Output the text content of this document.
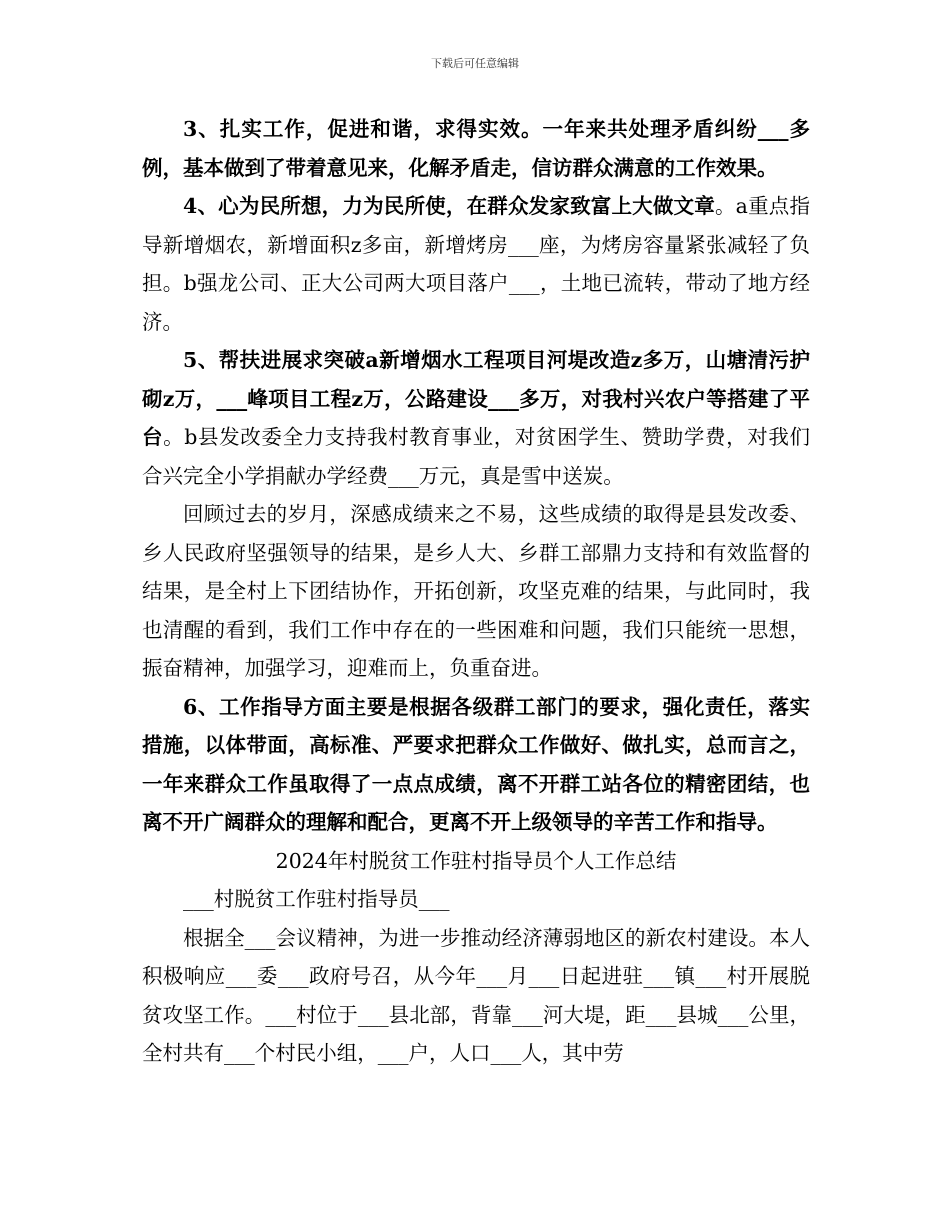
下载后可任意编辑

3、扎实工作，促进和谐，求得实效。一年来共处理矛盾纠纷___多例，基本做到了带着意见来，化解矛盾走，信访群众满意的工作效果。

4、心为民所想，力为民所使，在群众发家致富上大做文章。a重点指导新增烟农，新增面积z多亩，新增烤房___座，为烤房容量紧张减轻了负担。b强龙公司、正大公司两大项目落户___，土地已流转，带动了地方经济。

5、帮扶进展求突破a新增烟水工程项目河堤改造z多万，山塘清污护砌z万，___峰项目工程z万，公路建设___多万，对我村兴农户等搭建了平台。b县发改委全力支持我村教育事业，对贫困学生、赞助学费，对我们合兴完全小学捐献办学经费___万元，真是雪中送炭。

回顾过去的岁月，深感成绩来之不易，这些成绩的取得是县发改委、乡人民政府坚强领导的结果，是乡人大、乡群工部鼎力支持和有效监督的结果，是全村上下团结协作，开拓创新，攻坚克难的结果，与此同时，我也清醒的看到，我们工作中存在的一些困难和问题，我们只能统一思想，振奋精神，加强学习，迎难而上，负重奋进。

6、工作指导方面主要是根据各级群工部门的要求，强化责任，落实措施，以体带面，高标准、严要求把群众工作做好、做扎实，总而言之，一年来群众工作虽取得了一点点成绩，离不开群工站各位的精密团结，也离不开广阔群众的理解和配合，更离不开上级领导的辛苦工作和指导。

2024年村脱贫工作驻村指导员个人工作总结

___村脱贫工作驻村指导员___

根据全___会议精神，为进一步推动经济薄弱地区的新农村建设。本人积极响应___委___政府号召，从今年___月___日起进驻___镇___村开展脱贫攻坚工作。___村位于___县北部，背靠___河大堤，距___县城___公里，全村共有___个村民小组，___户，人口___人，其中劳
